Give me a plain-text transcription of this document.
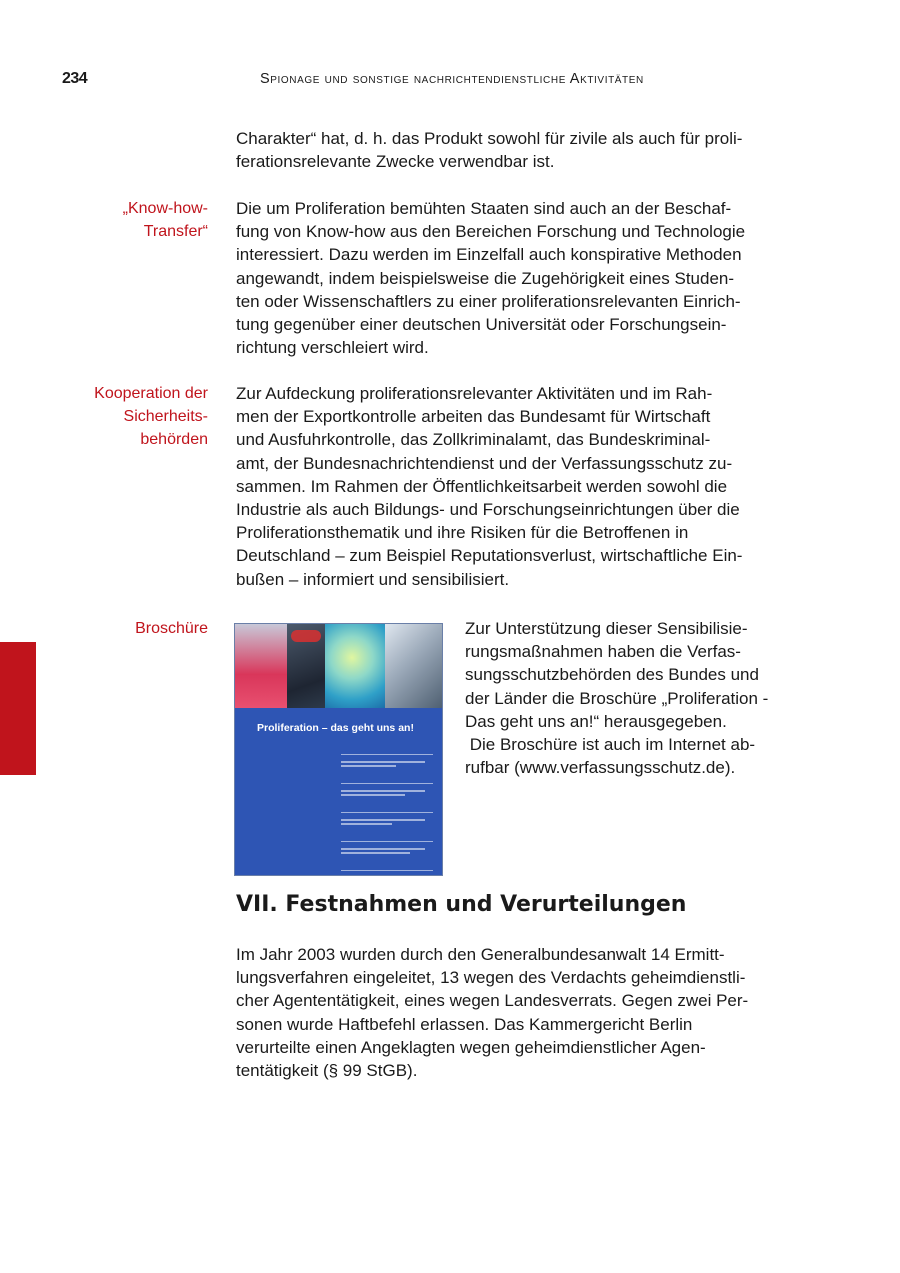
234	Spionage und sonstige nachrichtendienstliche Aktivitäten
„Know-how-
Transfer“
Kooperation der
Sicherheits-
behörden
Broschüre
Charakter“ hat, d. h. das Produkt sowohl für zivile als auch für proli-
ferationsrelevante Zwecke verwendbar ist.
Die um Proliferation bemühten Staaten sind auch an der Beschaf-
fung von Know-how aus den Bereichen Forschung und Technologie
interessiert. Dazu werden im Einzelfall auch konspirative Methoden
angewandt, indem beispielsweise die Zugehörigkeit eines Studen-
ten oder Wissenschaftlers zu einer proliferationsrelevanten Einrich-
tung gegenüber einer deutschen Universität oder Forschungsein-
richtung verschleiert wird.
Zur Aufdeckung proliferationsrelevanter Aktivitäten und im Rah-
men der Exportkontrolle arbeiten das Bundesamt für Wirtschaft
und Ausfuhrkontrolle, das Zollkriminalamt, das Bundeskriminal-
amt, der Bundesnachrichtendienst und der Verfassungsschutz zu-
sammen. Im Rahmen der Öffentlichkeitsarbeit werden sowohl die
Industrie als auch Bildungs- und Forschungseinrichtungen über die
Proliferationsthematik und ihre Risiken für die Betroffenen in
Deutschland – zum Beispiel Reputationsverlust, wirtschaftliche Ein-
bußen – informiert und sensibilisiert.
Proliferation – das geht uns an!
Zur Unterstützung dieser Sensibilisie-
rungsmaßnahmen haben die Verfas-
sungsschutzbehörden des Bundes und
der Länder die Broschüre „Proliferation -
Das geht uns an!“ herausgegeben.
Die Broschüre ist auch im Internet ab-
rufbar (www.verfassungsschutz.de).
VII. Festnahmen und Verurteilungen
Im Jahr 2003 wurden durch den Generalbundesanwalt 14 Ermitt-
lungsverfahren eingeleitet, 13 wegen des Verdachts geheimdienstli-
cher Agententätigkeit, eines wegen Landesverrats. Gegen zwei Per-
sonen wurde Haftbefehl erlassen. Das Kammergericht Berlin
verurteilte einen Angeklagten wegen geheimdienstlicher Agen-
tentätigkeit (§ 99 StGB).
